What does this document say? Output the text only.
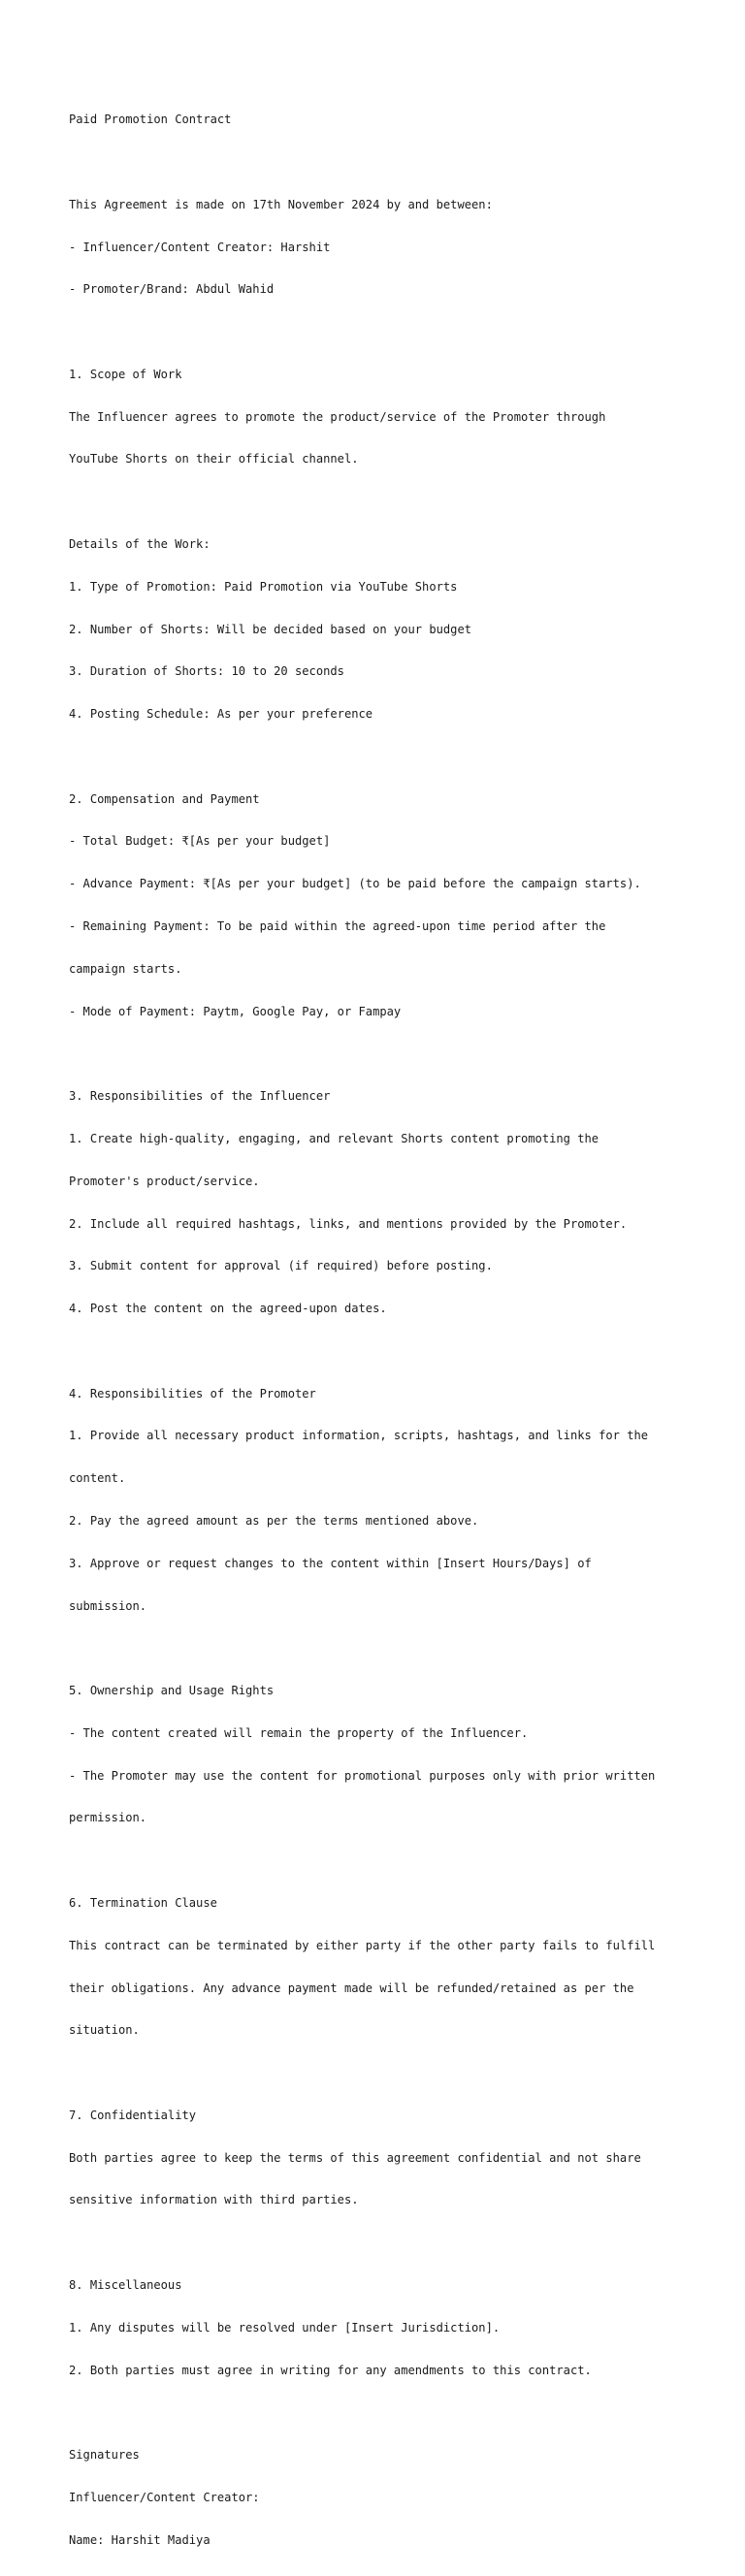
Paid Promotion Contract

This Agreement is made on 17th November 2024 by and between:

- Influencer/Content Creator: Harshit

- Promoter/Brand: Abdul Wahid

1. Scope of Work

The Influencer agrees to promote the product/service of the Promoter through

YouTube Shorts on their official channel.

Details of the Work:

1. Type of Promotion: Paid Promotion via YouTube Shorts

2. Number of Shorts: Will be decided based on your budget

3. Duration of Shorts: 10 to 20 seconds

4. Posting Schedule: As per your preference

2. Compensation and Payment

- Total Budget: ₹[As per your budget]

- Advance Payment: ₹[As per your budget] (to be paid before the campaign starts).

- Remaining Payment: To be paid within the agreed-upon time period after the

campaign starts.

- Mode of Payment: Paytm, Google Pay, or Fampay

3. Responsibilities of the Influencer

1. Create high-quality, engaging, and relevant Shorts content promoting the

Promoter's product/service.

2. Include all required hashtags, links, and mentions provided by the Promoter.

3. Submit content for approval (if required) before posting.

4. Post the content on the agreed-upon dates.

4. Responsibilities of the Promoter

1. Provide all necessary product information, scripts, hashtags, and links for the

content.

2. Pay the agreed amount as per the terms mentioned above.

3. Approve or request changes to the content within [Insert Hours/Days] of

submission.

5. Ownership and Usage Rights

- The content created will remain the property of the Influencer.

- The Promoter may use the content for promotional purposes only with prior written

permission.

6. Termination Clause

This contract can be terminated by either party if the other party fails to fulfill

their obligations. Any advance payment made will be refunded/retained as per the

situation.

7. Confidentiality

Both parties agree to keep the terms of this agreement confidential and not share

sensitive information with third parties.

8. Miscellaneous

1. Any disputes will be resolved under [Insert Jurisdiction].

2. Both parties must agree in writing for any amendments to this contract.

Signatures

Influencer/Content Creator:

Name: Harshit Madiya
